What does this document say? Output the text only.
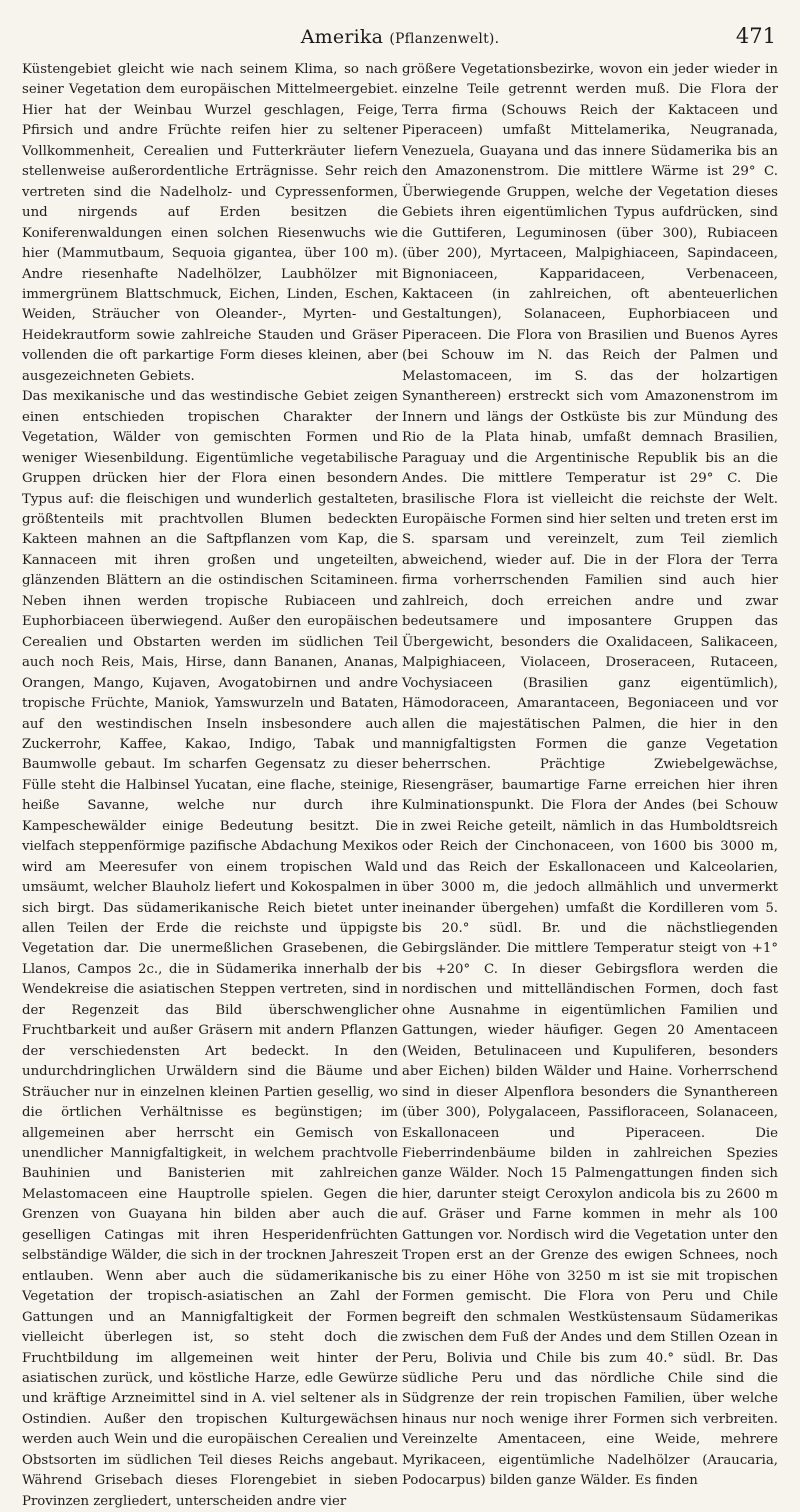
Amerika (Pflanzenwelt).	471

Küstengebiet gleicht wie nach seinem Klima, so nach seiner Vegetation dem europäischen Mittelmeergebiet. Hier hat der Weinbau Wurzel geschlagen, Feige, Pfirsich und andre Früchte reifen hier zu seltener Vollkommenheit, Cerealien und Futterkräuter liefern stellenweise außerordentliche Erträgnisse. Sehr reich vertreten sind die Nadelholz- und Cypressenformen, und nirgends auf Erden besitzen die Koniferenwaldungen einen solchen Riesenwuchs wie hier (Mammutbaum, Sequoia gigantea, über 100 m). Andre riesenhafte Nadelhölzer, Laubhölzer mit immergrünem Blattschmuck, Eichen, Linden, Eschen, Weiden, Sträucher von Oleander-, Myrten- und Heidekrautform sowie zahlreiche Stauden und Gräser vollenden die oft parkartige Form dieses kleinen, aber ausgezeichneten Gebiets.

Das mexikanische und das westindische Gebiet zeigen einen entschieden tropischen Charakter der Vegetation, Wälder von gemischten Formen und weniger Wiesenbildung. Eigentümliche vegetabilische Gruppen drücken hier der Flora einen besondern Typus auf: die fleischigen und wunderlich gestalteten, größtenteils mit prachtvollen Blumen bedeckten Kakteen mahnen an die Saftpflanzen vom Kap, die Kannaceen mit ihren großen und ungeteilten, glänzenden Blättern an die ostindischen Scitamineen. Neben ihnen werden tropische Rubiaceen und Euphorbiaceen überwiegend. Außer den europäischen Cerealien und Obstarten werden im südlichen Teil auch noch Reis, Mais, Hirse, dann Bananen, Ananas, Orangen, Mango, Kujaven, Avogatobirnen und andre tropische Früchte, Maniok, Yamswurzeln und Bataten, auf den westindischen Inseln insbesondere auch Zuckerrohr, Kaffee, Kakao, Indigo, Tabak und Baumwolle gebaut. Im scharfen Gegensatz zu dieser Fülle steht die Halbinsel Yucatan, eine flache, steinige, heiße Savanne, welche nur durch ihre Kampeschewälder einige Bedeutung besitzt. Die vielfach steppenförmige pazifische Abdachung Mexikos wird am Meeresufer von einem tropischen Wald umsäumt, welcher Blauholz liefert und Kokospalmen in sich birgt. Das südamerikanische Reich bietet unter allen Teilen der Erde die reichste und üppigste Vegetation dar. Die unermeßlichen Grasebenen, die Llanos, Campos 2c., die in Südamerika innerhalb der Wendekreise die asiatischen Steppen vertreten, sind in der Regenzeit das Bild überschwenglicher Fruchtbarkeit und außer Gräsern mit andern Pflanzen der verschiedensten Art bedeckt. In den undurchdringlichen Urwäldern sind die Bäume und Sträucher nur in einzelnen kleinen Partien gesellig, wo die örtlichen Verhältnisse es begünstigen; im allgemeinen aber herrscht ein Gemisch von unendlicher Mannigfaltigkeit, in welchem prachtvolle Bauhinien und Banisterien mit zahlreichen Melastomaceen eine Hauptrolle spielen. Gegen die Grenzen von Guayana hin bilden aber auch die geselligen Catingas mit ihren Hesperidenfrüchten selbständige Wälder, die sich in der trocknen Jahreszeit entlauben. Wenn aber auch die südamerikanische Vegetation der tropisch-asiatischen an Zahl der Gattungen und an Mannigfaltigkeit der Formen vielleicht überlegen ist, so steht doch die Fruchtbildung im allgemeinen weit hinter der asiatischen zurück, und köstliche Harze, edle Gewürze und kräftige Arzneimittel sind in A. viel seltener als in Ostindien. Außer den tropischen Kulturgewächsen werden auch Wein und die europäischen Cerealien und Obstsorten im südlichen Teil dieses Reichs angebaut. Während Grisebach dieses Florengebiet in sieben Provinzen zergliedert, unterscheiden andre vier

größere Vegetationsbezirke, wovon ein jeder wieder in einzelne Teile getrennt werden muß. Die Flora der Terra firma (Schouws Reich der Kaktaceen und Piperaceen) umfaßt Mittelamerika, Neugranada, Venezuela, Guayana und das innere Südamerika bis an den Amazonenstrom. Die mittlere Wärme ist 29° C. Überwiegende Gruppen, welche der Vegetation dieses Gebiets ihren eigentümlichen Typus aufdrücken, sind die Guttiferen, Leguminosen (über 300), Rubiaceen (über 200), Myrtaceen, Malpighiaceen, Sapindaceen, Bignoniaceen, Kapparidaceen, Verbenaceen, Kaktaceen (in zahlreichen, oft abenteuerlichen Gestaltungen), Solanaceen, Euphorbiaceen und Piperaceen. Die Flora von Brasilien und Buenos Ayres (bei Schouw im N. das Reich der Palmen und Melastomaceen, im S. das der holzartigen Synanthereen) erstreckt sich vom Amazonenstrom im Innern und längs der Ostküste bis zur Mündung des Rio de la Plata hinab, umfaßt demnach Brasilien, Paraguay und die Argentinische Republik bis an die Andes. Die mittlere Temperatur ist 29° C. Die brasilische Flora ist vielleicht die reichste der Welt. Europäische Formen sind hier selten und treten erst im S. sparsam und vereinzelt, zum Teil ziemlich abweichend, wieder auf. Die in der Flora der Terra firma vorherrschenden Familien sind auch hier zahlreich, doch erreichen andre und zwar bedeutsamere und imposantere Gruppen das Übergewicht, besonders die Oxalidaceen, Salikaceen, Malpighiaceen, Violaceen, Droseraceen, Rutaceen, Vochysiaceen (Brasilien ganz eigentümlich), Hämodoraceen, Amarantaceen, Begoniaceen und vor allen die majestätischen Palmen, die hier in den mannigfaltigsten Formen die ganze Vegetation beherrschen. Prächtige Zwiebelgewächse, Riesengräser, baumartige Farne erreichen hier ihren Kulminationspunkt. Die Flora der Andes (bei Schouw in zwei Reiche geteilt, nämlich in das Humboldtsreich oder Reich der Cinchonaceen, von 1600 bis 3000 m, und das Reich der Eskallonaceen und Kalceolarien, über 3000 m, die jedoch allmählich und unvermerkt ineinander übergehen) umfaßt die Kordilleren vom 5. bis 20.° südl. Br. und die nächstliegenden Gebirgsländer. Die mittlere Temperatur steigt von +1° bis +20° C. In dieser Gebirgsflora werden die nordischen und mittelländischen Formen, doch fast ohne Ausnahme in eigentümlichen Familien und Gattungen, wieder häufiger. Gegen 20 Amentaceen (Weiden, Betulinaceen und Kupuliferen, besonders aber Eichen) bilden Wälder und Haine. Vorherrschend sind in dieser Alpenflora besonders die Synanthereen (über 300), Polygalaceen, Passifloraceen, Solanaceen, Eskallonaceen und Piperaceen. Die Fieberrindenbäume bilden in zahlreichen Spezies ganze Wälder. Noch 15 Palmengattungen finden sich hier, darunter steigt Ceroxylon andicola bis zu 2600 m auf. Gräser und Farne kommen in mehr als 100 Gattungen vor. Nordisch wird die Vegetation unter den Tropen erst an der Grenze des ewigen Schnees, noch bis zu einer Höhe von 3250 m ist sie mit tropischen Formen gemischt. Die Flora von Peru und Chile begreift den schmalen Westküstensaum Südamerikas zwischen dem Fuß der Andes und dem Stillen Ozean in Peru, Bolivia und Chile bis zum 40.° südl. Br. Das südliche Peru und das nördliche Chile sind die Südgrenze der rein tropischen Familien, über welche hinaus nur noch wenige ihrer Formen sich verbreiten. Vereinzelte Amentaceen, eine Weide, mehrere Myrikaceen, eigentümliche Nadelhölzer (Araucaria, Podocarpus) bilden ganze Wälder. Es finden
